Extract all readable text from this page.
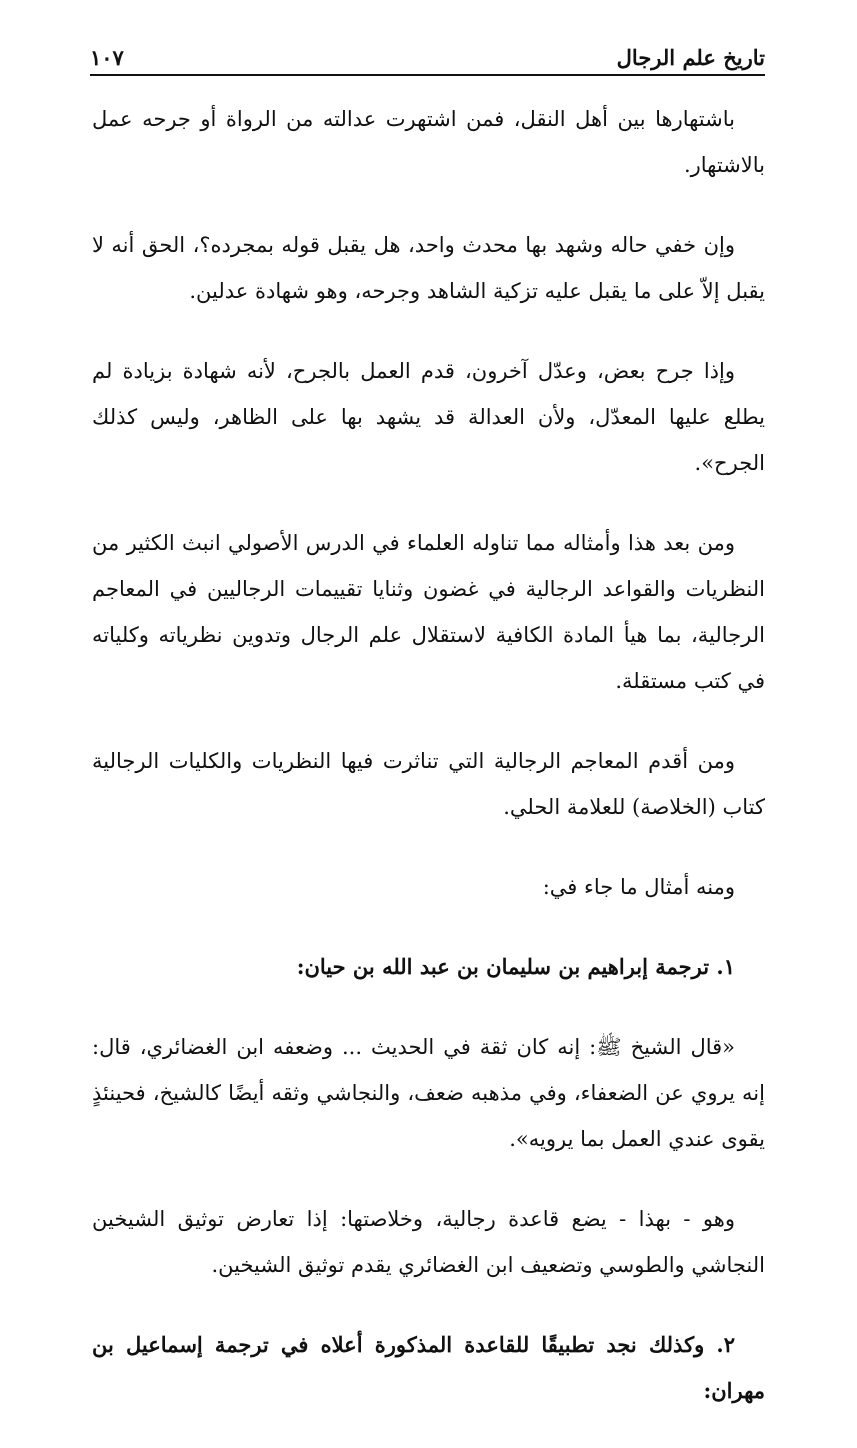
تاريخ علم الرجال
١٠٧

باشتهارها بين أهل النقل، فمن اشتهرت عدالته من الرواة أو جرحه عمل بالاشتهار.

وإن خفي حاله وشهد بها محدث واحد، هل يقبل قوله بمجرده؟، الحق أنه لا يقبل إلاّ على ما يقبل عليه تزكية الشاهد وجرحه، وهو شهادة عدلين.

وإذا جرح بعض، وعدّل آخرون، قدم العمل بالجرح، لأنه شهادة بزيادة لم يطلع عليها المعدّل، ولأن العدالة قد يشهد بها على الظاهر، وليس كذلك الجرح».

ومن بعد هذا وأمثاله مما تناوله العلماء في الدرس الأصولي انبث الكثير من النظريات والقواعد الرجالية في غضون وثنايا تقييمات الرجاليين في المعاجم الرجالية، بما هيأ المادة الكافية لاستقلال علم الرجال وتدوين نظرياته وكلياته في كتب مستقلة.

ومن أقدم المعاجم الرجالية التي تناثرت فيها النظريات والكليات الرجالية كتاب (الخلاصة) للعلامة الحلي.

ومنه أمثال ما جاء في:

١. ترجمة إبراهيم بن سليمان بن عبد الله بن حيان:

«قال الشيخ ﷺ: إنه كان ثقة في الحديث ... وضعفه ابن الغضائري، قال: إنه يروي عن الضعفاء، وفي مذهبه ضعف، والنجاشي وثقه أيضًا كالشيخ، فحينئذٍ يقوى عندي العمل بما يرويه».

وهو - بهذا - يضع قاعدة رجالية، وخلاصتها: إذا تعارض توثيق الشيخين النجاشي والطوسي وتضعيف ابن الغضائري يقدم توثيق الشيخين.

٢. وكذلك نجد تطبيقًا للقاعدة المذكورة أعلاه في ترجمة إسماعيل بن مهران:
